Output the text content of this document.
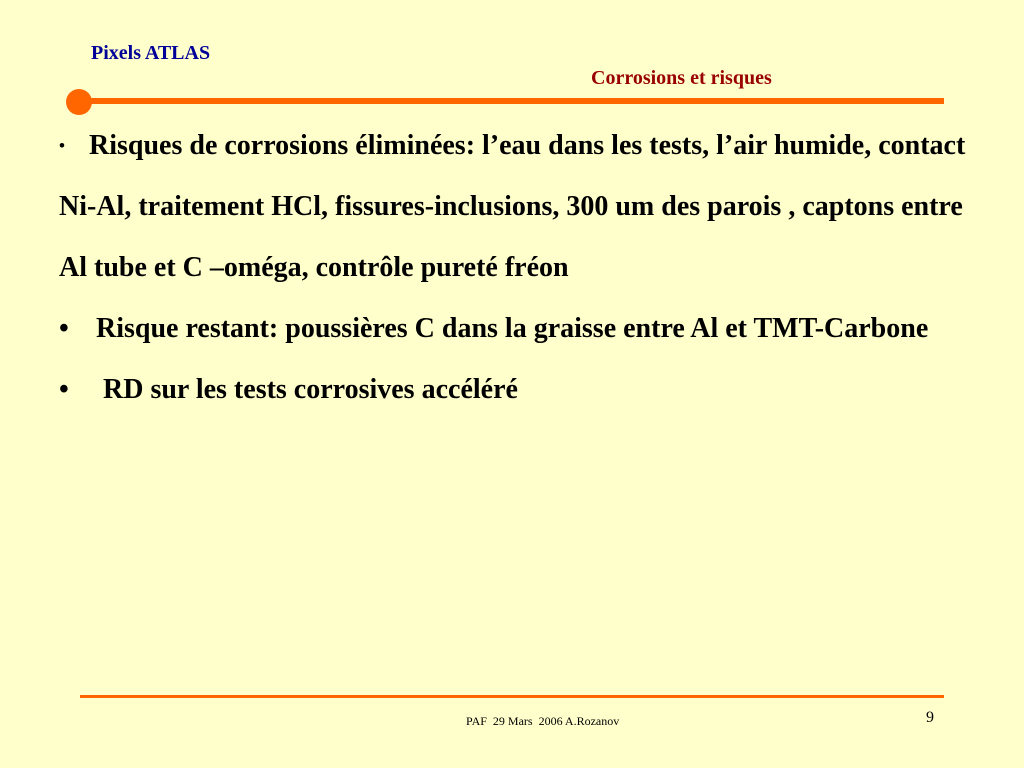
Pixels ATLAS
Corrosions et risques

• Risques de corrosions éliminées: l’eau dans les tests, l’air humide, contact Ni-Al, traitement HCl, fissures-inclusions, 300 um des parois , captons entre Al tube et C –oméga, contrôle pureté fréon

• Risque restant: poussières C dans la graisse entre Al et TMT-Carbone

• RD sur les tests corrosives accéléré

PAF  29 Mars  2006 A.Rozanov	9
